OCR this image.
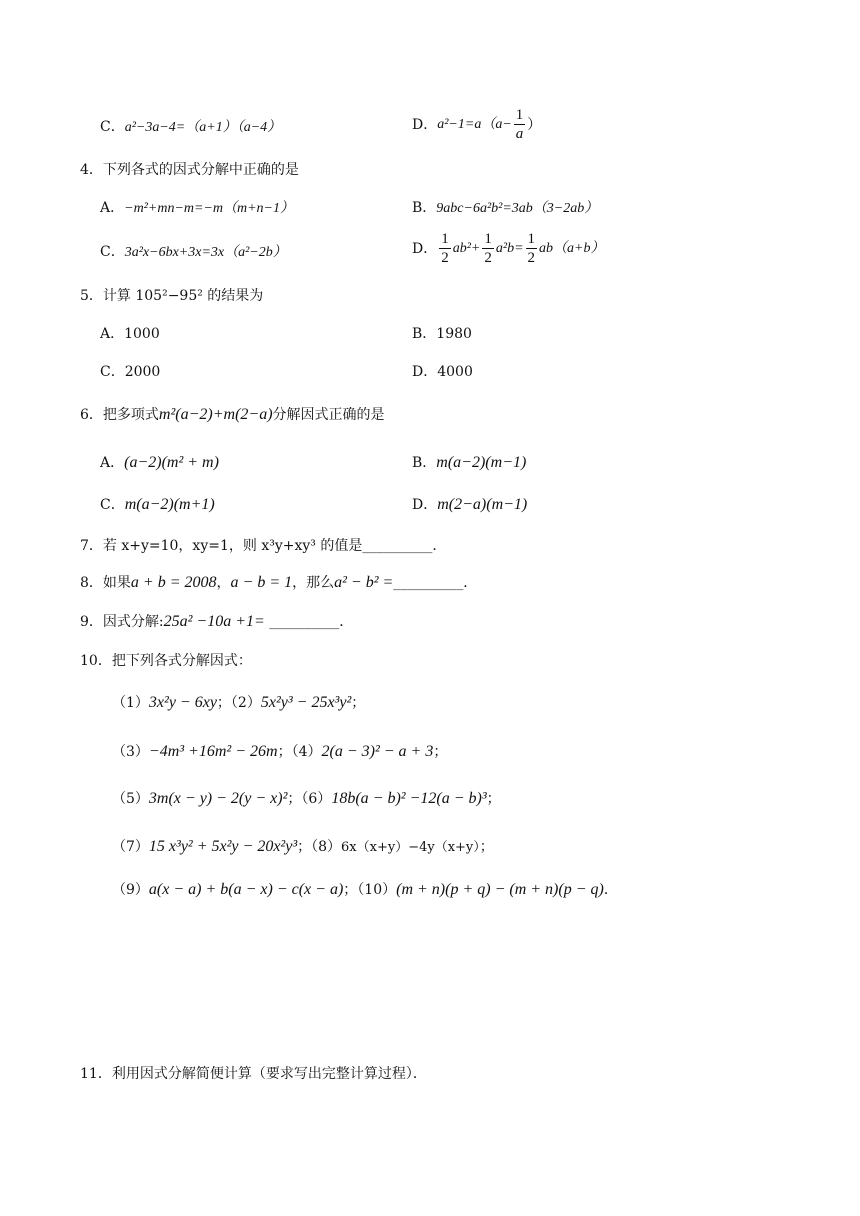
C．a²−3a−4=（a+1）（a−4）	D． $a^2-1=a(a- \frac{1}{a}$ ）
4．下列各式的因式分解中正确的是
A．−m²+mn−m=−m（m+n−1）	B．9abc−6a²b²=3ab（3−2ab）
C．3a²x−6bx+3x=3x（a²−2b）	D． $\frac{1}{2} ab^2+ \frac{1}{2} a^2b= \frac{1}{2} ab(a+b)$
5．计算 105²−95² 的结果为
A．1000	B．1980
C．2000	D．4000
6．把多项式m²(a−2)+m(2−a)分解因式正确的是
A．(a−2)(m² + m)	B．m(a−2)(m−1)
C．m(a−2)(m+1)	D．m(2−a)(m−1)
7．若 x+y=10，xy=1，则 x³y+xy³ 的值是__________．
8．如果a + b = 2008，a − b = 1，那么a² − b² =__________．
9．因式分解:25a² −10a +1= __________．
10．把下列各式分解因式：
（1）3x²y − 6xy；（2）5x²y³ − 25x³y²；
（3）−4m³ +16m² − 26m；（4）2(a − 3)² − a + 3；
（5）3m(x − y) − 2(y − x)²；（6）18b(a − b)² −12(a − b)³；
（7）15 x³y² + 5x²y − 20x²y³；（8）6x（x+y）−4y（x+y）；
（9）a(x − a) + b(a − x) − c(x − a)；（10）(m + n)(p + q) − (m + n)(p − q)．
11．利用因式分解简便计算（要求写出完整计算过程）．
